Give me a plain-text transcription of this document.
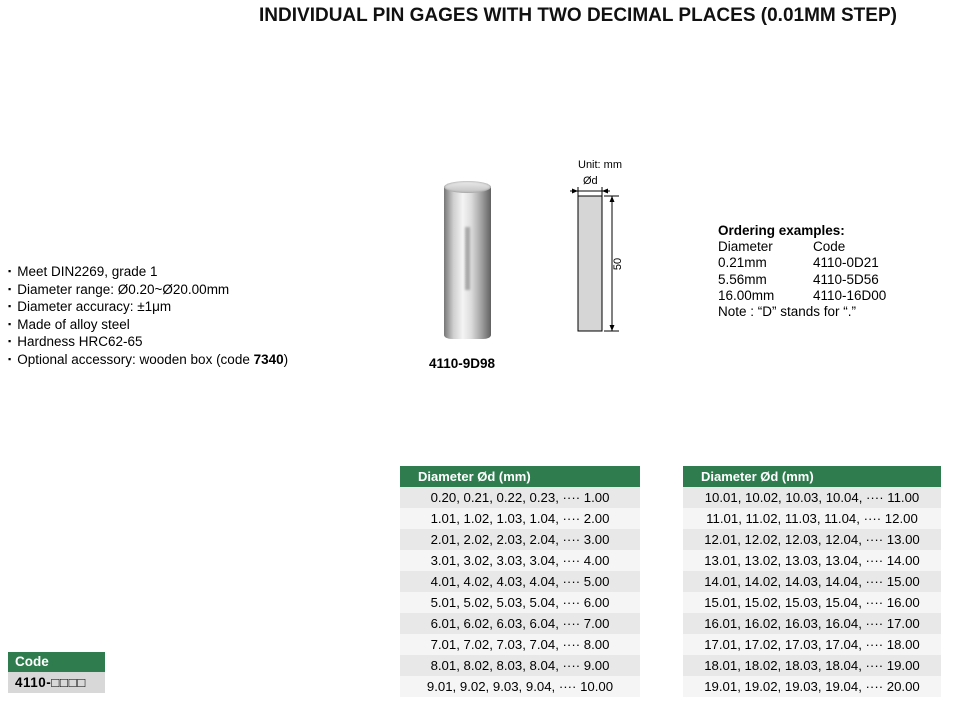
INDIVIDUAL PIN GAGES WITH TWO DECIMAL PLACES (0.01MM STEP)
▪ Meet DIN2269, grade 1
▪ Diameter range: Ø0.20~Ø20.00mm
▪ Diameter accuracy: ±1μm
▪ Made of alloy steel
▪ Hardness HRC62-65
▪ Optional accessory: wooden box (code 7340)	4110-9D98
Unit: mm
Ød
50
Ordering examples:
Diameter	Code
0.21mm	4110-0D21
5.56mm	4110-5D56
16.00mm	4110-16D00
Note : “D” stands for “.”
Diameter Ød (mm)
0.20, 0.21, 0.22, 0.23, ···· 1.00
1.01, 1.02, 1.03, 1.04, ···· 2.00
2.01, 2.02, 2.03, 2.04, ···· 3.00
3.01, 3.02, 3.03, 3.04, ···· 4.00
4.01, 4.02, 4.03, 4.04, ···· 5.00
5.01, 5.02, 5.03, 5.04, ···· 6.00
6.01, 6.02, 6.03, 6.04, ···· 7.00
7.01, 7.02, 7.03, 7.04, ···· 8.00
8.01, 8.02, 8.03, 8.04, ···· 9.00
9.01, 9.02, 9.03, 9.04, ···· 10.00
Diameter Ød (mm)
10.01, 10.02, 10.03, 10.04, ···· 11.00
11.01, 11.02, 11.03, 11.04, ···· 12.00
12.01, 12.02, 12.03, 12.04, ···· 13.00
13.01, 13.02, 13.03, 13.04, ···· 14.00
14.01, 14.02, 14.03, 14.04, ···· 15.00
15.01, 15.02, 15.03, 15.04, ···· 16.00
16.01, 16.02, 16.03, 16.04, ···· 17.00
17.01, 17.02, 17.03, 17.04, ···· 18.00
18.01, 18.02, 18.03, 18.04, ···· 19.00
19.01, 19.02, 19.03, 19.04, ···· 20.00
Code
4110-□□□□
